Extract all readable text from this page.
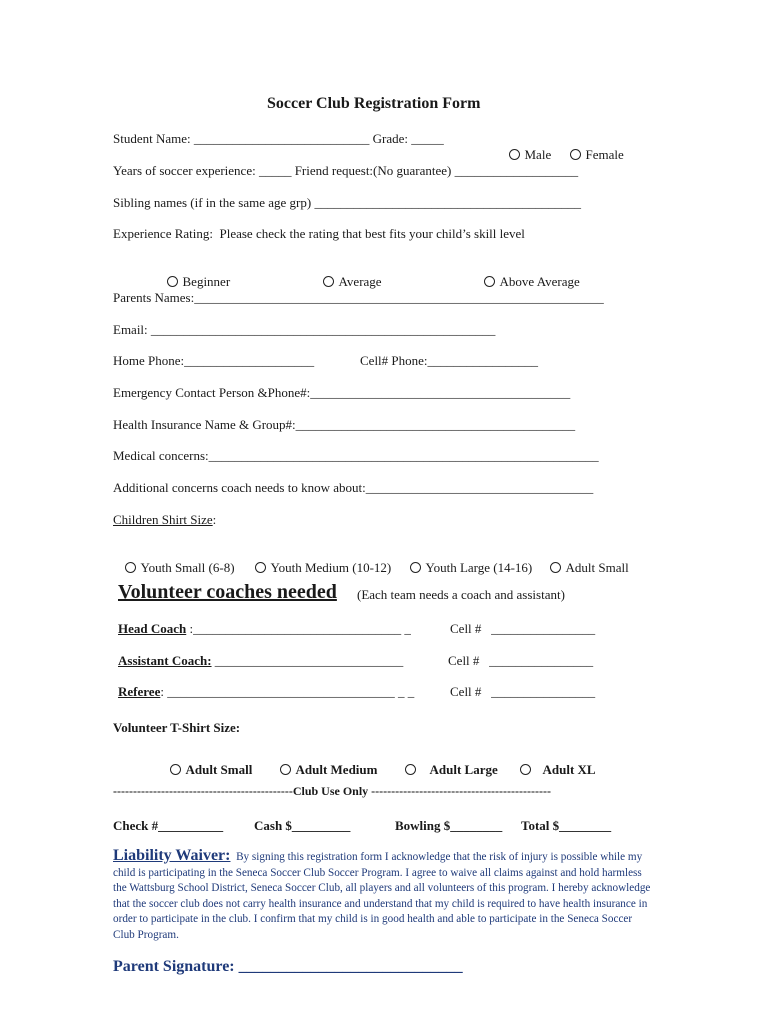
Soccer Club Registration Form
Student Name: ___________________________ Grade: _____

Male	Female

Years of soccer experience: _____ Friend request:(No guarantee) ___________________
Sibling names (if in the same age grp) _________________________________________
Experience Rating:  Please check the rating that best fits your child’s skill level

Beginner	Average	Above Average

Parents Names:_______________________________________________________________
Email: _____________________________________________________
Home Phone:____________________	Cell# Phone:_________________
Emergency Contact Person &Phone#:________________________________________
Health Insurance Name & Group#:___________________________________________
Medical concerns:____________________________________________________________
Additional concerns coach needs to know about:___________________________________
Children Shirt Size:

Youth Small (6-8)	Youth Medium (10-12)	Youth Large (14-16)	Adult Small

Volunteer coaches needed (Each team needs a coach and assistant)
Head Coach :________________________________ _	Cell #   ________________
Assistant Coach: _____________________________	Cell #   ________________
Referee: ___________________________________ _ _	Cell #   ________________
Volunteer T-Shirt Size:

Adult Small	Adult Medium	Adult Large	Adult XL

---------------------------------------------Club Use Only ---------------------------------------------
Check #__________ Cash $_________	Bowling $________ Total $________
Liability Waiver: By signing this registration form I acknowledge that the risk of injury is possible while my child is participating in the Seneca Soccer Club Soccer Program. I agree to waive all claims against and hold harmless the Wattsburg School District, Seneca Soccer Club, all players and all volunteers of this program. I hereby acknowledge that the soccer club does not carry health insurance and understand that my child is required to have health insurance in order to participate in the club. I confirm that my child is in good health and able to participate in the Seneca Soccer Club Program.
Parent Signature: ____________________________
